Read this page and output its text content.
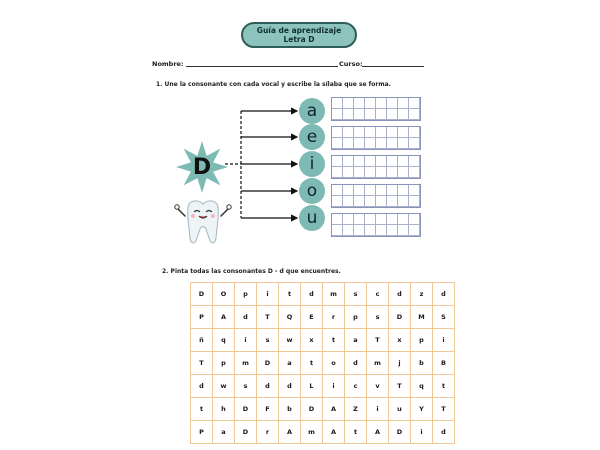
Guía de aprendizaje
Letra D
Nombre:	Curso:
1. Une la consonante con cada vocal y escribe la sílaba que se forma.
D
a
e
i
o
u
2. Pinta todas las consonantes D - d que encuentres.
D	O	p	i	t	d	m	s	c	d	z	d
P	A	d	T	Q	E	r	p	s	D	M	S
ñ	q	i	s	w	x	t	a	T	x	p	i
T	p	m	D	a	t	o	d	m	j	b	B
d	w	s	d	d	L	i	c	v	T	q	t
t	h	D	F	b	D	A	Z	i	u	Y	T
P	a	D	r	A	m	A	t	A	D	i	d
